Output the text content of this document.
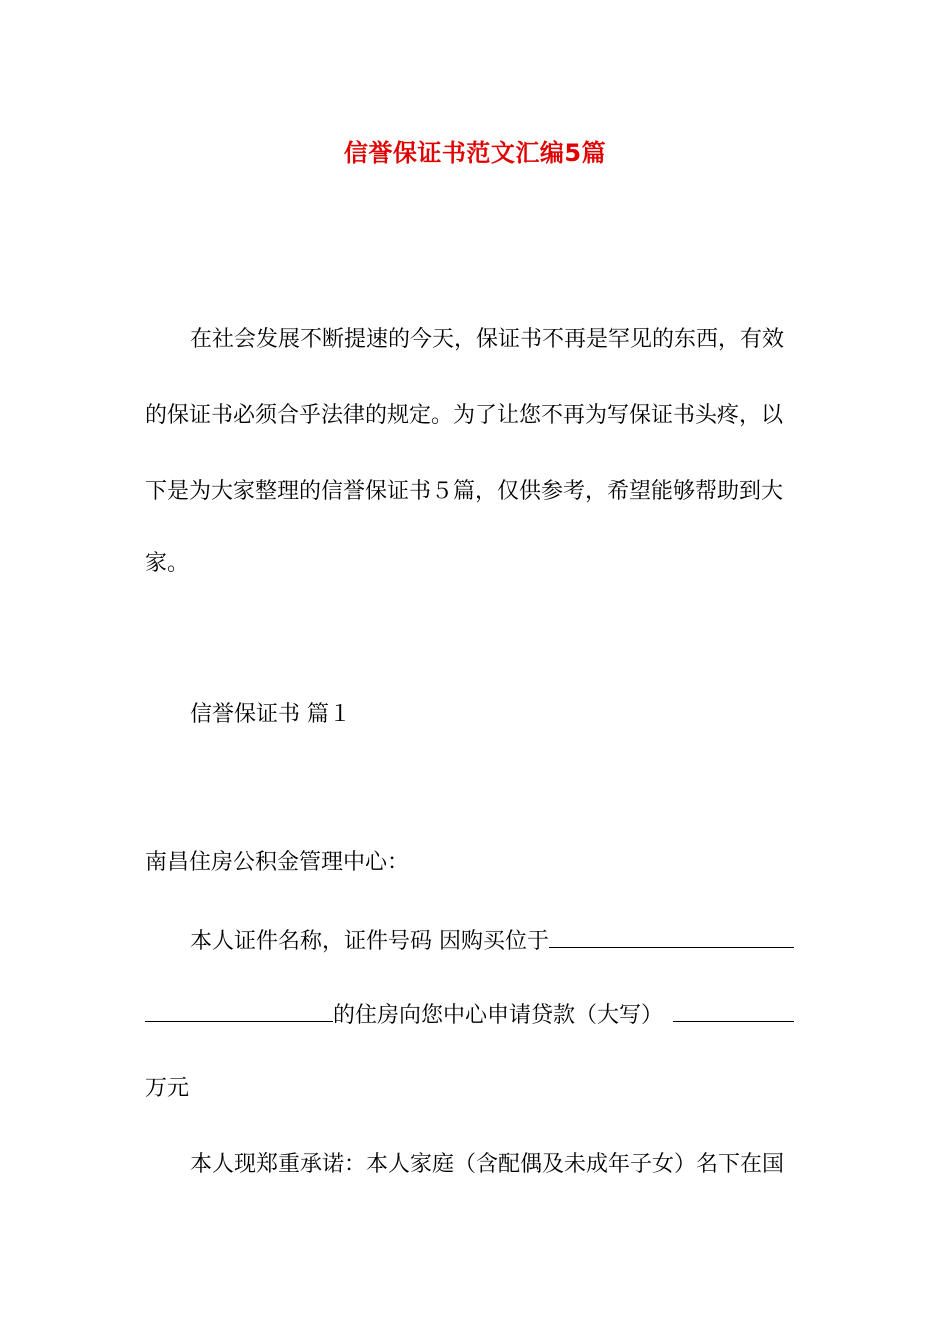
信誉保证书范文汇编5篇
在社会发展不断提速的今天，保证书不再是罕见的东西，有效
的保证书必须合乎法律的规定。为了让您不再为写保证书头疼，以
下是为大家整理的信誉保证书５篇，仅供参考，希望能够帮助到大
家。
信誉保证书 篇１
南昌住房公积金管理中心：
本人证件名称，证件号码 因购买位于
的住房向您中心申请贷款（大写）
万元
本人现郑重承诺：本人家庭（含配偶及未成年子女）名下在国
